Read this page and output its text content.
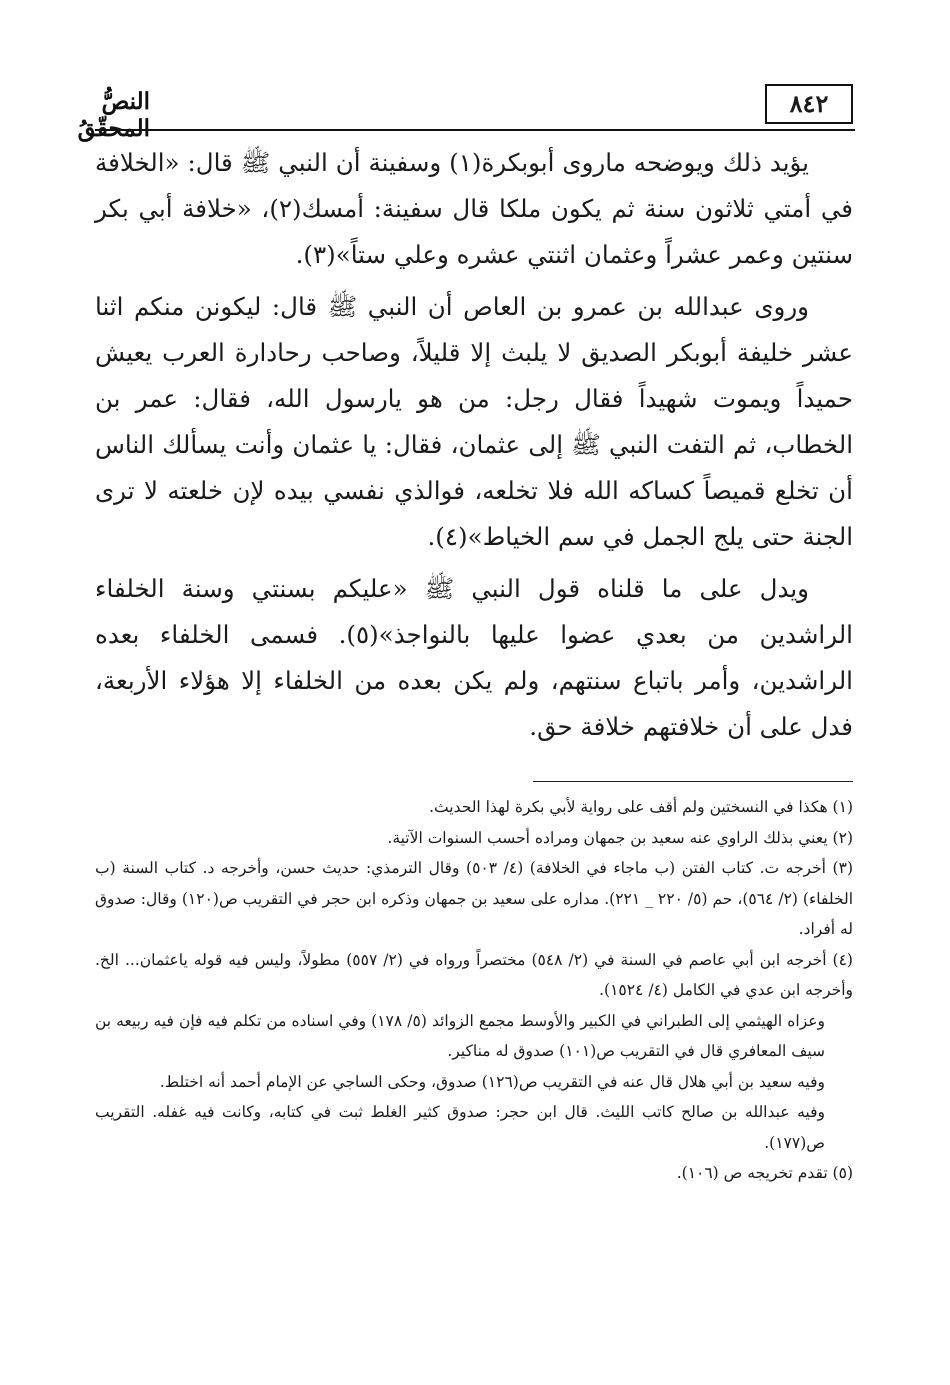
النصُّ المحقّقُ
٨٤٢

يؤيد ذلك ويوضحه ماروى أبوبكرة(١) وسفينة أن النبي ﷺ قال: «الخلافة في أمتي ثلاثون سنة ثم يكون ملكا قال سفينة: أمسك(٢)، «خلافة أبي بكر سنتين وعمر عشراً وعثمان اثنتي عشره وعلي ستاً»(٣).

وروى عبدالله بن عمرو بن العاص أن النبي ﷺ قال: ليكونن منكم اثنا عشر خليفة أبوبكر الصديق لا يلبث إلا قليلاً، وصاحب رحادارة العرب يعيش حميداً ويموت شهيداً فقال رجل: من هو يارسول الله، فقال: عمر بن الخطاب، ثم التفت النبي ﷺ إلى عثمان، فقال: يا عثمان وأنت يسألك الناس أن تخلع قميصاً كساكه الله فلا تخلعه، فوالذي نفسي بيده لإن خلعته لا ترى الجنة حتى يلج الجمل في سم الخياط»(٤).

ويدل على ما قلناه قول النبي ﷺ «عليكم بسنتي وسنة الخلفاء الراشدين من بعدي عضوا عليها بالنواجذ»(٥). فسمى الخلفاء بعده الراشدين، وأمر باتباع سنتهم، ولم يكن بعده من الخلفاء إلا هؤلاء الأربعة، فدل على أن خلافتهم خلافة حق.

(١) هكذا في النسختين ولم أقف على رواية لأبي بكرة لهذا الحديث.

(٢) يعني بذلك الراوي عنه سعيد بن جمهان ومراده أحسب السنوات الآتية.

(٣) أخرجه ت. كتاب الفتن (ب ماجاء في الخلافة) (٤/ ٥٠٣) وقال الترمذي: حديث حسن، وأخرجه د. كتاب السنة (ب الخلفاء) (٢/ ٥٦٤)، حم (٥/ ٢٢٠ _ ٢٢١). مداره على سعيد بن جمهان وذكره ابن حجر في التقريب ص(١٢٠) وقال: صدوق له أفراد.

(٤) أخرجه ابن أبي عاصم في السنة في (٢/ ٥٤٨) مختصراً ورواه في (٢/ ٥٥٧) مطولاً، وليس فيه قوله ياعثمان... الخ. وأخرجه ابن عدي في الكامل (٤/ ١٥٢٤).

وعزاه الهيثمي إلى الطبراني في الكبير والأوسط مجمع الزوائد (٥/ ١٧٨) وفي اسناده من تكلم فيه فإن فيه ربيعه بن سيف المعافري قال في التقريب ص(١٠١) صدوق له مناكير.

وفيه سعيد بن أبي هلال قال عنه في التقريب ص(١٢٦) صدوق، وحكى الساجي عن الإمام أحمد أنه اختلط.

وفيه عبدالله بن صالح كاتب الليث. قال ابن حجر: صدوق كثير الغلط ثبت في كتابه، وكانت فيه غفله. التقريب ص(١٧٧).

(٥) تقدم تخريجه ص (١٠٦).
